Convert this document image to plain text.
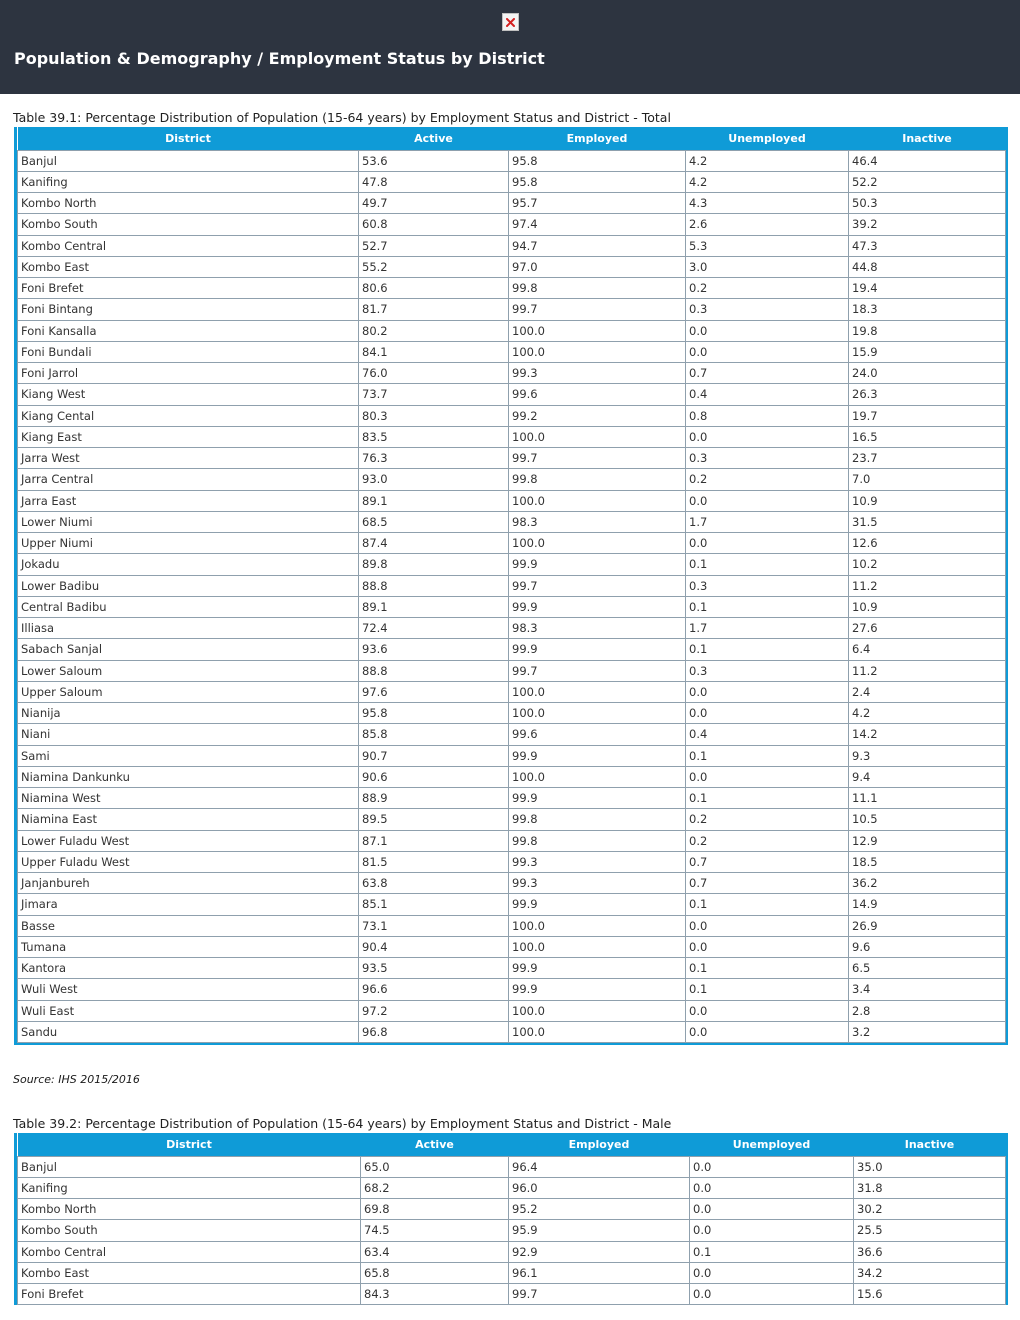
Population & Demography / Employment Status by District
Table 39.1: Percentage Distribution of Population (15-64 years) by Employment Status and District - Total
District	Active	Employed	Unemployed	Inactive
Banjul	53.6	95.8	4.2	46.4
Kanifing	47.8	95.8	4.2	52.2
Kombo North	49.7	95.7	4.3	50.3
Kombo South	60.8	97.4	2.6	39.2
Kombo Central	52.7	94.7	5.3	47.3
Kombo East	55.2	97.0	3.0	44.8
Foni Brefet	80.6	99.8	0.2	19.4
Foni Bintang	81.7	99.7	0.3	18.3
Foni Kansalla	80.2	100.0	0.0	19.8
Foni Bundali	84.1	100.0	0.0	15.9
Foni Jarrol	76.0	99.3	0.7	24.0
Kiang West	73.7	99.6	0.4	26.3
Kiang Cental	80.3	99.2	0.8	19.7
Kiang East	83.5	100.0	0.0	16.5
Jarra West	76.3	99.7	0.3	23.7
Jarra Central	93.0	99.8	0.2	7.0
Jarra East	89.1	100.0	0.0	10.9
Lower Niumi	68.5	98.3	1.7	31.5
Upper Niumi	87.4	100.0	0.0	12.6
Jokadu	89.8	99.9	0.1	10.2
Lower Badibu	88.8	99.7	0.3	11.2
Central Badibu	89.1	99.9	0.1	10.9
Illiasa	72.4	98.3	1.7	27.6
Sabach Sanjal	93.6	99.9	0.1	6.4
Lower Saloum	88.8	99.7	0.3	11.2
Upper Saloum	97.6	100.0	0.0	2.4
Nianija	95.8	100.0	0.0	4.2
Niani	85.8	99.6	0.4	14.2
Sami	90.7	99.9	0.1	9.3
Niamina Dankunku	90.6	100.0	0.0	9.4
Niamina West	88.9	99.9	0.1	11.1
Niamina East	89.5	99.8	0.2	10.5
Lower Fuladu West	87.1	99.8	0.2	12.9
Upper Fuladu West	81.5	99.3	0.7	18.5
Janjanbureh	63.8	99.3	0.7	36.2
Jimara	85.1	99.9	0.1	14.9
Basse	73.1	100.0	0.0	26.9
Tumana	90.4	100.0	0.0	9.6
Kantora	93.5	99.9	0.1	6.5
Wuli West	96.6	99.9	0.1	3.4
Wuli East	97.2	100.0	0.0	2.8
Sandu	96.8	100.0	0.0	3.2
Source: IHS 2015/2016
Table 39.2: Percentage Distribution of Population (15-64 years) by Employment Status and District - Male
District	Active	Employed	Unemployed	Inactive
Banjul	65.0	96.4	0.0	35.0
Kanifing	68.2	96.0	0.0	31.8
Kombo North	69.8	95.2	0.0	30.2
Kombo South	74.5	95.9	0.0	25.5
Kombo Central	63.4	92.9	0.1	36.6
Kombo East	65.8	96.1	0.0	34.2
Foni Brefet	84.3	99.7	0.0	15.6
